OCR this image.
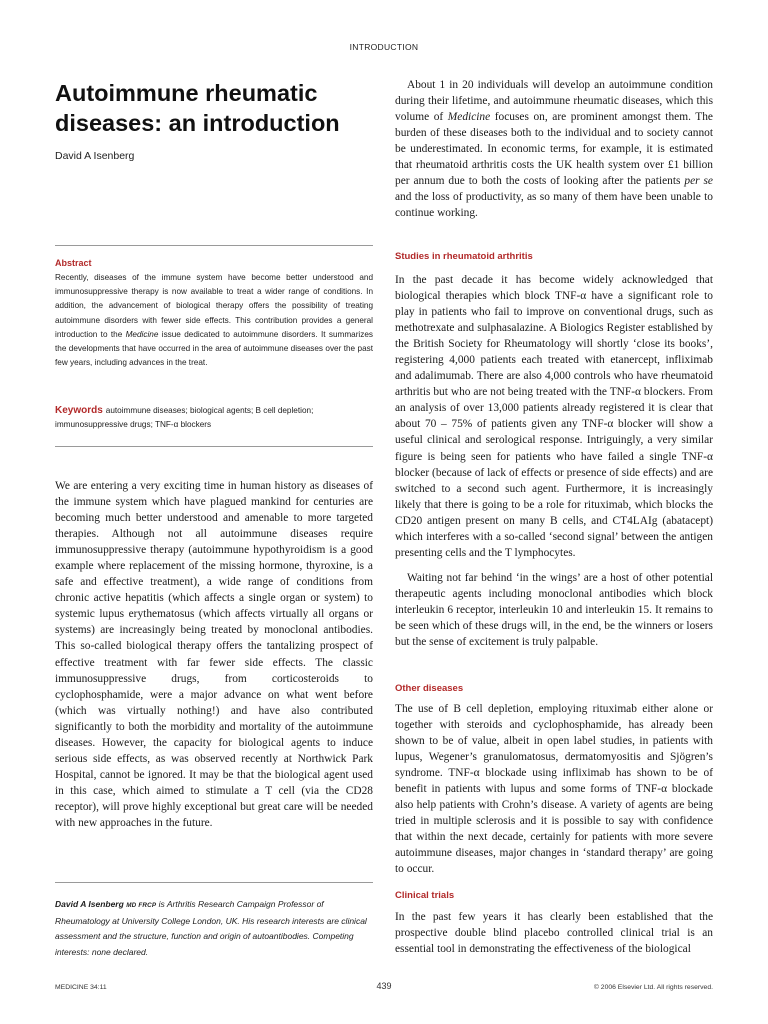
INTRODUCTION
Autoimmune rheumatic diseases: an introduction
David A Isenberg
Abstract

Recently, diseases of the immune system have become better understood and immunosuppressive therapy is now available to treat a wider range of conditions. In addition, the advancement of biological therapy offers the possibility of treating autoimmune disorders with fewer side effects. This contribution provides a general introduction to the Medicine issue dedicated to autoimmune disorders. It summarizes the developments that have occurred in the area of autoimmune diseases over the past few years, including advances in the treat.

Keywords autoimmune diseases; biological agents; B cell depletion; immunosuppressive drugs; TNF-α blockers

We are entering a very exciting time in human history as diseases of the immune system which have plagued mankind for centuries are becoming much better understood and amenable to more targeted therapies. Although not all autoimmune diseases require immunosuppressive therapy (autoimmune hypothyroidism is a good example where replacement of the missing hormone, thyroxine, is a safe and effective treatment), a wide range of conditions from chronic active hepatitis (which affects a single organ or system) to systemic lupus erythematosus (which affects virtually all organs or systems) are increasingly being treated by monoclonal antibodies. This so-called biological therapy offers the tantalizing prospect of effective treatment with far fewer side effects. The classic immunosuppressive drugs, from corticosteroids to cyclophosphamide, were a major advance on what went before (which was virtually nothing!) and have also contributed significantly to both the morbidity and mortality of the autoimmune diseases. However, the capacity for biological agents to induce serious side effects, as was observed recently at Northwick Park Hospital, cannot be ignored. It may be that the biological agent used in this case, which aimed to stimulate a T cell (via the CD28 receptor), will prove highly exceptional but great care will be needed with new approaches in the future.

David A Isenberg MD FRCP is Arthritis Research Campaign Professor of Rheumatology at University College London, UK. His research interests are clinical assessment and the structure, function and origin of autoantibodies. Competing interests: none declared.

About 1 in 20 individuals will develop an autoimmune condition during their lifetime, and autoimmune rheumatic diseases, which this volume of Medicine focuses on, are prominent amongst them. The burden of these diseases both to the individual and to society cannot be underestimated. In economic terms, for example, it is estimated that rheumatoid arthritis costs the UK health system over £1 billion per annum due to both the costs of looking after the patients per se and the loss of productivity, as so many of them have been unable to continue working.

Studies in rheumatoid arthritis

In the past decade it has become widely acknowledged that biological therapies which block TNF-α have a significant role to play in patients who fail to improve on conventional drugs, such as methotrexate and sulphasalazine. A Biologics Register established by the British Society for Rheumatology will shortly ‘close its books’, registering 4,000 patients each treated with etanercept, infliximab and adalimumab. There are also 4,000 controls who have rheumatoid arthritis but who are not being treated with the TNF-α blockers. From an analysis of over 13,000 patients already registered it is clear that about 70 – 75% of patients given any TNF-α blocker will show a useful clinical and serological response. Intriguingly, a very similar figure is being seen for patients who have failed a single TNF-α blocker (because of lack of effects or presence of side effects) and are switched to a second such agent. Furthermore, it is increasingly likely that there is going to be a role for rituximab, which blocks the CD20 antigen present on many B cells, and CT4LAIg (abatacept) which interferes with a so-called ‘second signal’ between the antigen presenting cells and the T lymphocytes.

Waiting not far behind ‘in the wings’ are a host of other potential therapeutic agents including monoclonal antibodies which block interleukin 6 receptor, interleukin 10 and interleukin 15. It remains to be seen which of these drugs will, in the end, be the winners or losers but the sense of excitement is truly palpable.

Other diseases

The use of B cell depletion, employing rituximab either alone or together with steroids and cyclophosphamide, has already been shown to be of value, albeit in open label studies, in patients with lupus, Wegener’s granulomatosus, dermatomyositis and Sjögren’s syndrome. TNF-α blockade using infliximab has shown to be of benefit in patients with lupus and some forms of TNF-α blockade also help patients with Crohn’s disease. A variety of agents are being tried in multiple sclerosis and it is possible to say with confidence that within the next decade, certainly for patients with more severe autoimmune diseases, major changes in ‘standard therapy’ are going to occur.

Clinical trials

In the past few years it has clearly been established that the prospective double blind placebo controlled clinical trial is an essential tool in demonstrating the effectiveness of the biological

MEDICINE 34:11	439	© 2006 Elsevier Ltd. All rights reserved.
